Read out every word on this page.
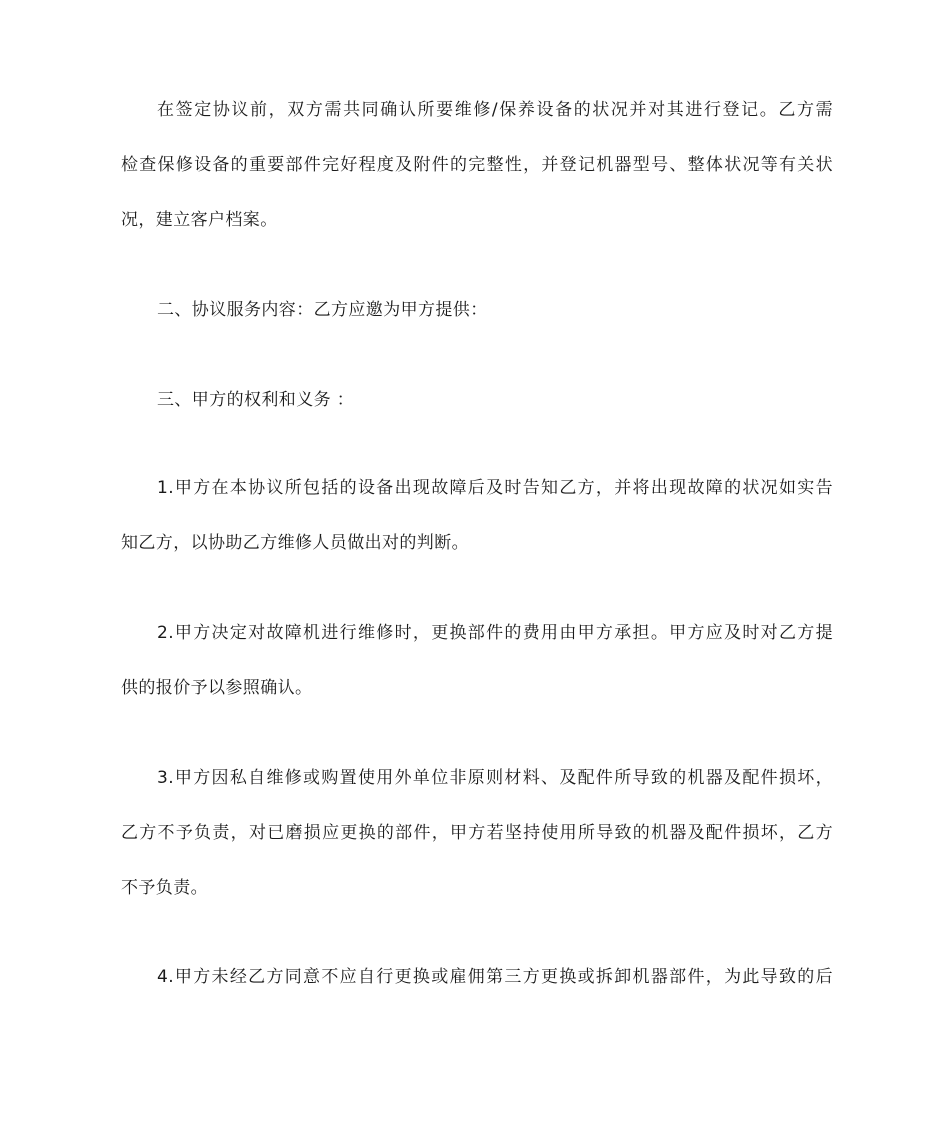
在签定协议前，双方需共同确认所要维修/保养设备的状况并对其进行登记。乙方需
检查保修设备的重要部件完好程度及附件的完整性，并登记机器型号、整体状况等有关状
况，建立客户档案。
二、协议服务内容：乙方应邀为甲方提供：
三、甲方的权利和义务 ：
1.甲方在本协议所包括的设备出现故障后及时告知乙方，并将出现故障的状况如实告
知乙方，以协助乙方维修人员做出对的判断。
2.甲方决定对故障机进行维修时，更换部件的费用由甲方承担。甲方应及时对乙方提
供的报价予以参照确认。
3.甲方因私自维修或购置使用外单位非原则材料、及配件所导致的机器及配件损坏，
乙方不予负责，对已磨损应更换的部件，甲方若坚持使用所导致的机器及配件损坏，乙方
不予负责。
4.甲方未经乙方同意不应自行更换或雇佣第三方更换或拆卸机器部件，为此导致的后
